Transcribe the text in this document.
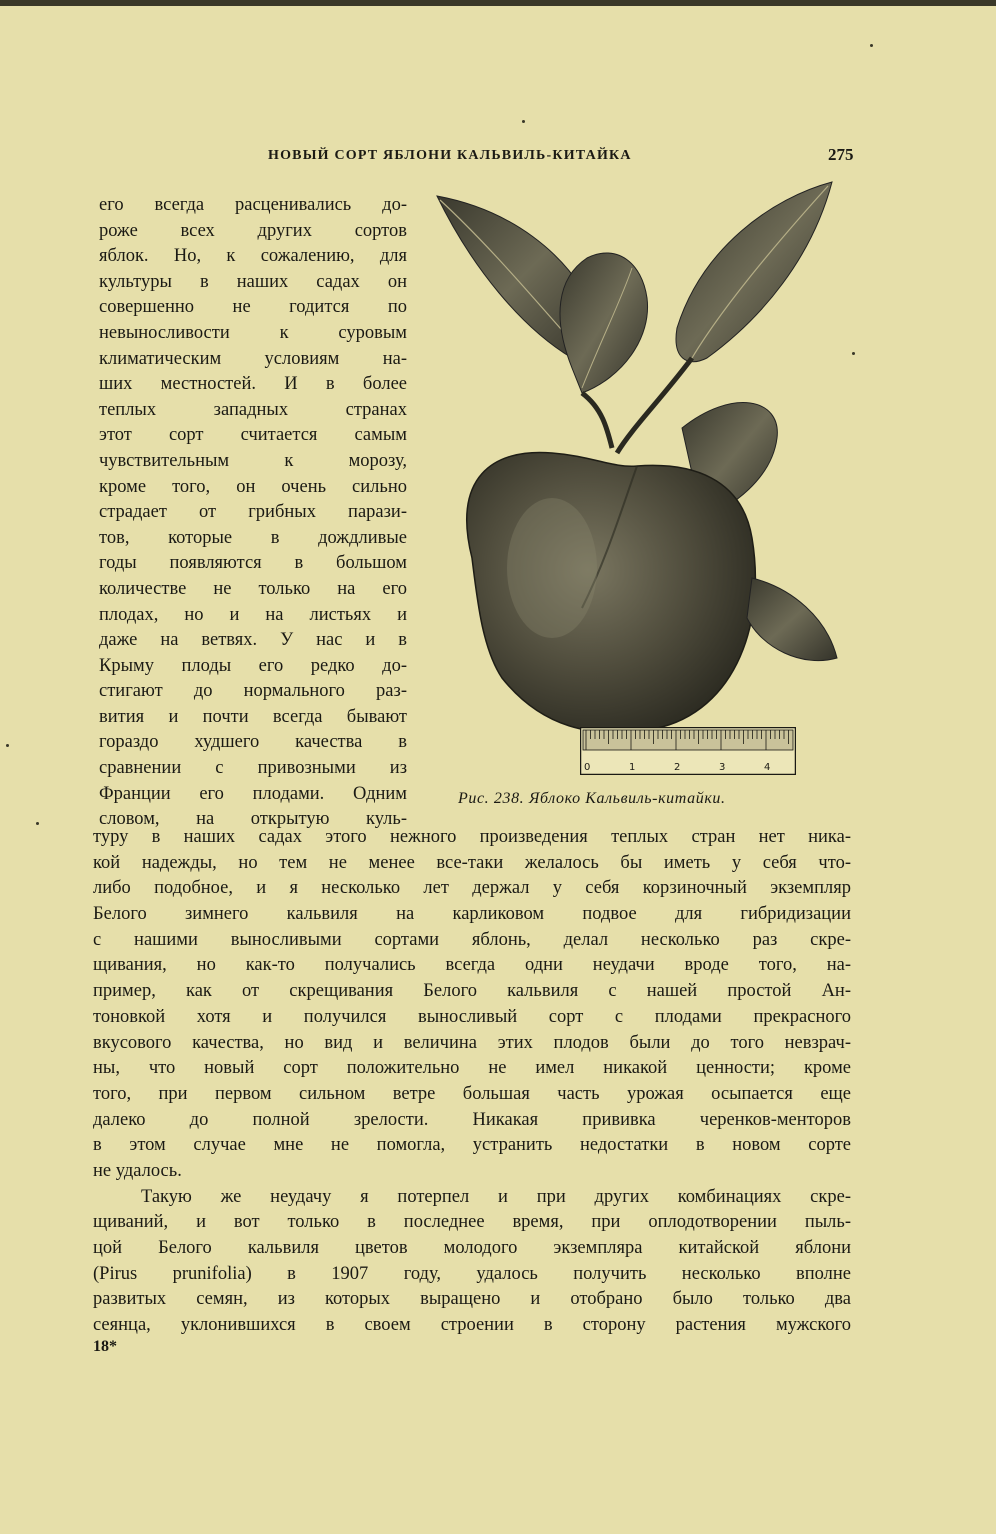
НОВЫЙ СОРТ ЯБЛОНИ КАЛЬВИЛЬ-КИТАЙКА	275
его всегда расценивались до-
роже всех других сортов
яблок. Но, к сожалению, для
культуры в наших садах он
совершенно не годится по
невыносливости к суровым
климатическим условиям на-
ших местностей. И в более
теплых западных странах
этот сорт считается самым
чувствительным к морозу,
кроме того, он очень сильно
страдает от грибных парази-
тов, которые в дождливые
годы появляются в большом
количестве не только на его
плодах, но и на листьях и
даже на ветвях. У нас и в
Крыму плоды его редко до-
стигают до нормального раз-
вития и почти всегда бывают
гораздо худшего качества в
сравнении с привозными из
Франции его плодами. Одним
словом, на открытую куль-
0	1	2	3	4
Рис. 238. Яблоко Кальвиль-китайки.
туру в наших садах этого нежного произведения теплых стран нет ника-
кой надежды, но тем не менее все-таки желалось бы иметь у себя что-
либо подобное, и я несколько лет держал у себя корзиночный экземпляр
Белого зимнего кальвиля на карликовом подвое для гибридизации
с нашими выносливыми сортами яблонь, делал несколько раз скре-
щивания, но как-то получались всегда одни неудачи вроде того, на-
пример, как от скрещивания Белого кальвиля с нашей простой Ан-
тоновкой хотя и получился выносливый сорт с плодами прекрасного
вкусового качества, но вид и величина этих плодов были до того невзрач-
ны, что новый сорт положительно не имел никакой ценности; кроме
того, при первом сильном ветре большая часть урожая осыпается еще
далеко до полной зрелости. Никакая прививка черенков-менторов
в этом случае мне не помогла, устранить недостатки в новом сорте
не удалось.
Такую же неудачу я потерпел и при других комбинациях скре-
щиваний, и вот только в последнее время, при оплодотворении пыль-
цой Белого кальвиля цветов молодого экземпляра китайской яблони
(Pirus prunifolia) в 1907 году, удалось получить несколько вполне
развитых семян, из которых выращено и отобрано было только два
сеянца, уклонившихся в своем строении в сторону растения мужского
18*
